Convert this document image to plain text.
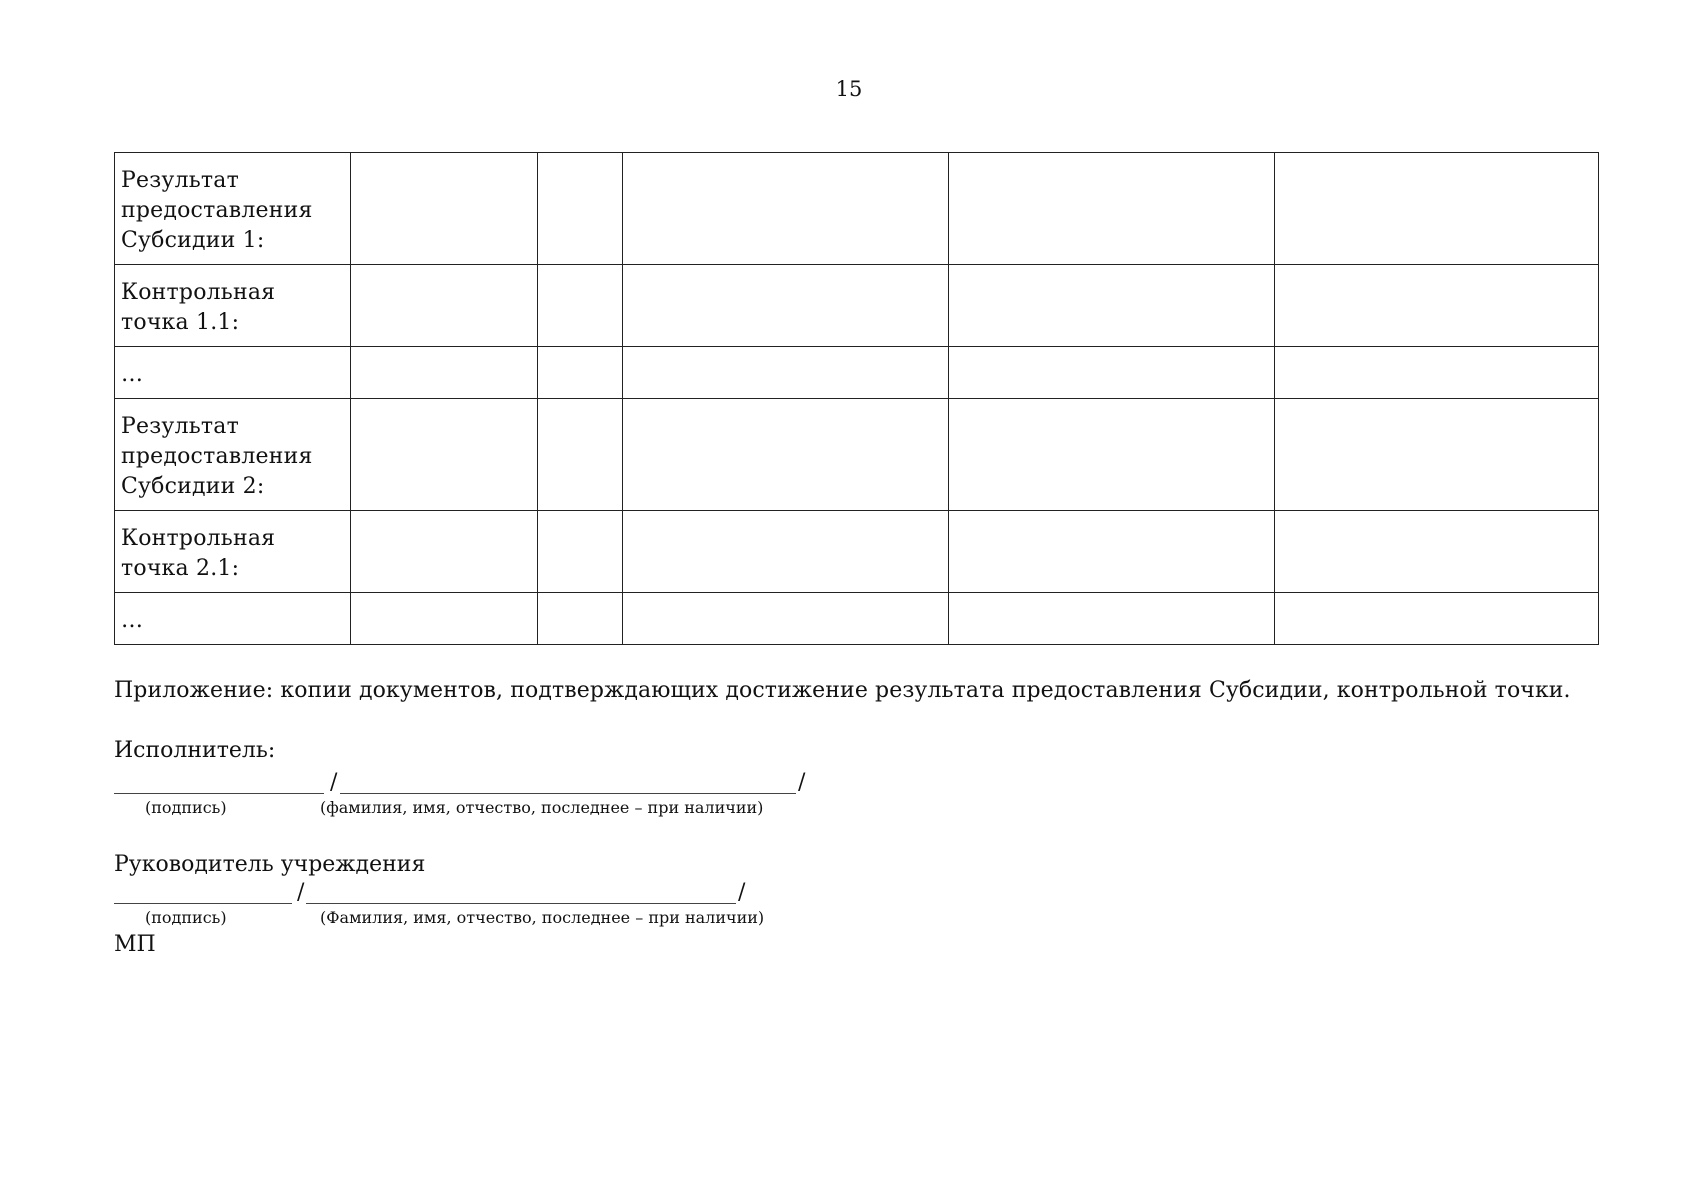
15
Результат предоставления Субсидии 1:					
Контрольная точка 1.1:					
…					
Результат предоставления Субсидии 2:					
Контрольная точка 2.1:					
…					
Приложение: копии документов, подтверждающих достижение результата предоставления Субсидии, контрольной точки.
Исполнитель:
/	/
(подпись)	(фамилия, имя, отчество, последнее – при наличии)
Руководитель учреждения
/	/
(подпись)	(Фамилия, имя, отчество, последнее – при наличии)
МП
